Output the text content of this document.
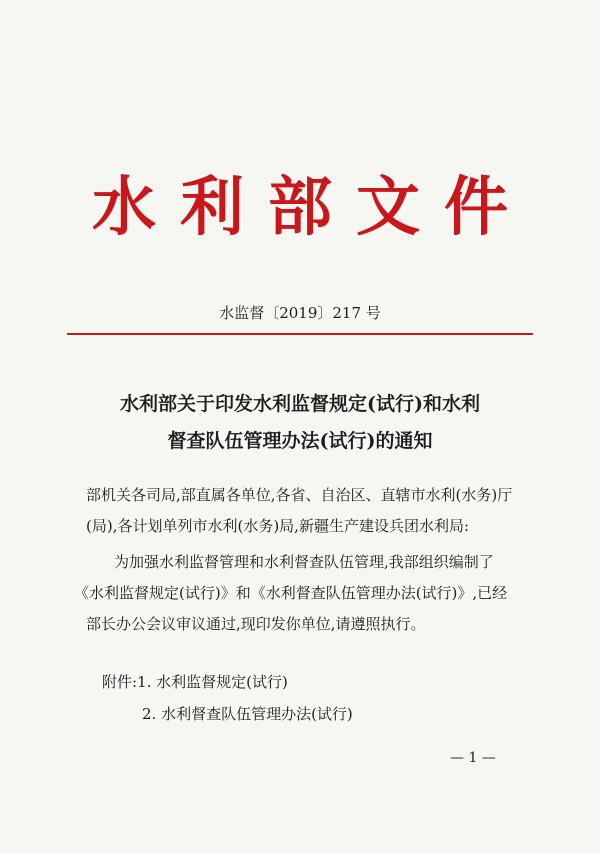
水利部文件
水监督〔2019〕217 号
水利部关于印发水利监督规定(试行)和水利
督查队伍管理办法(试行)的通知
部机关各司局,部直属各单位,各省、自治区、直辖市水利(水务)厅
(局),各计划单列市水利(水务)局,新疆生产建设兵团水利局:
为加强水利监督管理和水利督查队伍管理,我部组织编制了
《水利监督规定(试行)》和《水利督查队伍管理办法(试行)》,已经
部长办公会议审议通过,现印发你单位,请遵照执行。
附件:1. 水利监督规定(试行)
2. 水利督查队伍管理办法(试行)
— 1 —
